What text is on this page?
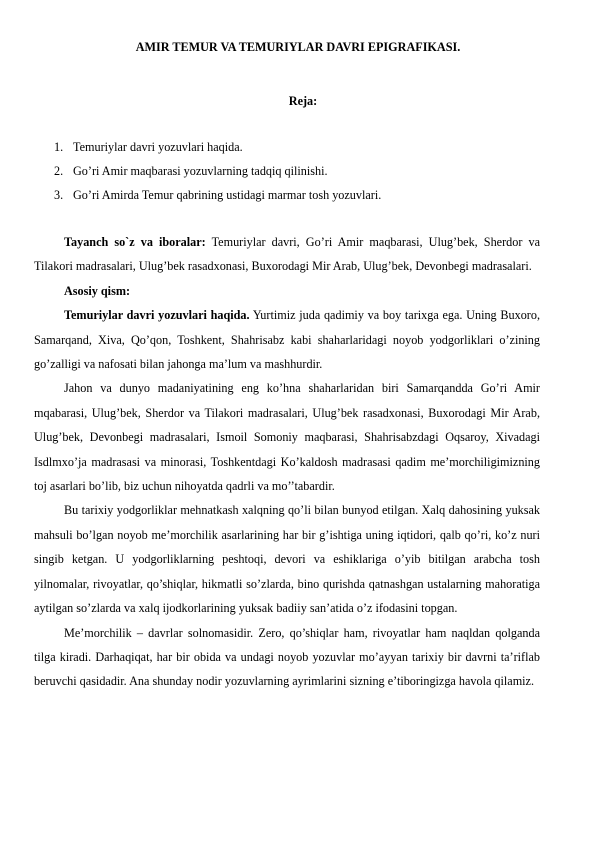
AMIR TEMUR VA TEMURIYLAR DAVRI EPIGRAFIKASI.
Reja:
1. Temuriylar davri yozuvlari haqida.
2. Go’ri Amir maqbarasi yozuvlarning tadqiq qilinishi.
3. Go’ri Amirda Temur qabrining ustidagi marmar tosh yozuvlari.

Tayanch so`z va iboralar: Temuriylar davri, Go’ri Amir maqbarasi, Ulug’bek, Sherdor va Tilakori madrasalari, Ulug’bek rasadxonasi, Buxorodagi Mir Arab, Ulug’bek, Devonbegi madrasalari.

Asosiy qism:

Temuriylar davri yozuvlari haqida. Yurtimiz juda qadimiy va boy tarixga ega. Uning Buxoro, Samarqand, Xiva, Qo’qon, Toshkent, Shahrisabz kabi shaharlaridagi noyob yodgorliklari o’zining go’zalligi va nafosati bilan jahonga ma’lum va mashhurdir.

Jahon va dunyo madaniyatining eng ko’hna shaharlaridan biri Samarqandda Go’ri Amir mqabarasi, Ulug’bek, Sherdor va Tilakori madrasalari, Ulug’bek rasadxonasi, Buxorodagi Mir Arab, Ulug’bek, Devonbegi madrasalari, Ismoil Somoniy maqbarasi, Shahrisabzdagi Oqsaroy, Xivadagi Isdlmxo’ja madrasasi va minorasi, Toshkentdagi Ko’kaldosh madrasasi qadim me’morchiligimizning toj asarlari bo’lib, biz uchun nihoyatda qadrli va mo’’tabardir.

Bu tarixiy yodgorliklar mehnatkash xalqning qo’li bilan bunyod etilgan. Xalq dahosining yuksak mahsuli bo’lgan noyob me’morchilik asarlarining har bir g’ishtiga uning iqtidori, qalb qo’ri, ko’z nuri singib ketgan. U yodgorliklarning peshtoqi, devori va eshiklariga o’yib bitilgan arabcha tosh yilnomalar, rivoyatlar, qo’shiqlar, hikmatli so’zlarda, bino qurishda qatnashgan ustalarning mahoratiga aytilgan so’zlarda va xalq ijodkorlarining yuksak badiiy san’atida o’z ifodasini topgan.

Me’morchilik – davrlar solnomasidir. Zero, qo’shiqlar ham, rivoyatlar ham naqldan qolganda tilga kiradi. Darhaqiqat, har bir obida va undagi noyob yozuvlar mo’ayyan tarixiy bir davrni ta’riflab beruvchi qasidadir. Ana shunday nodir yozuvlarning ayrimlarini sizning e’tiboringizga havola qilamiz.
